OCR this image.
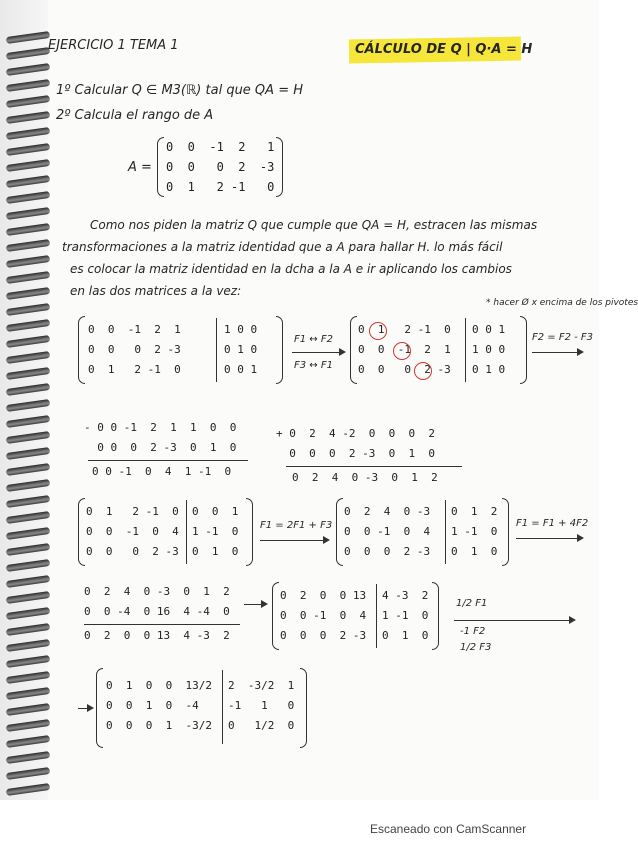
EJERCICIO 1 TEMA 1	CÁLCULO DE Q | Q·A = H
1º Calcular Q ∈ M3(ℝ) tal que QA = H
2º Calcula el rango de A
A =
0  0  -1  2   1
0  0   0  2  -3
0  1   2 -1   0
Como nos piden la matriz Q que cumple que QA = H, estracen las mismas
transformaciones a la matriz identidad que a A para hallar H. lo más fácil
es colocar la matriz identidad en la dcha a la A e ir aplicando los cambios
en las dos matrices a la vez:
0  0  -1  2  1
0  0   0  2 -3
0  1   2 -1  0
1 0 0
0 1 0
0 0 1
F1 ↔ F2
F3 ↔ F1
0  1   2 -1  0
0  0  -1  2  1
0  0   0  2 -3
0 0 1
1 0 0
0 1 0
* hacer Ø x encima de los pivotes
F2 = F2 - F3
- 0 0 -1  2  1  1  0  0
0 0  0  2 -3  0  1  0
0 0 -1  0  4  1 -1  0
+ 0  2  4 -2  0  0  0  2
0  0  0  2 -3  0  1  0
0  2  4  0 -3  0  1  2
0  1   2 -1  0
0  0  -1  0  4
0  0   0  2 -3
0  0  1
1 -1  0
0  1  0
F1 = 2F1 + F3
0  2  4  0 -3
0  0 -1  0  4
0  0  0  2 -3
0  1  2
1 -1  0
0  1  0
F1 = F1 + 4F2
0  2  4  0 -3  0  1  2
0  0 -4  0 16  4 -4  0
0  2  0  0 13  4 -3  2
0  2  0  0 13
0  0 -1  0  4
0  0  0  2 -3
4 -3  2
1 -1  0
0  1  0
1/2 F1
-1 F2
1/2 F3
0  1  0  0  13/2
0  0  1  0  -4
0  0  0  1  -3/2
2  -3/2  1
-1   1   0
0   1/2  0
Escaneado con CamScanner
